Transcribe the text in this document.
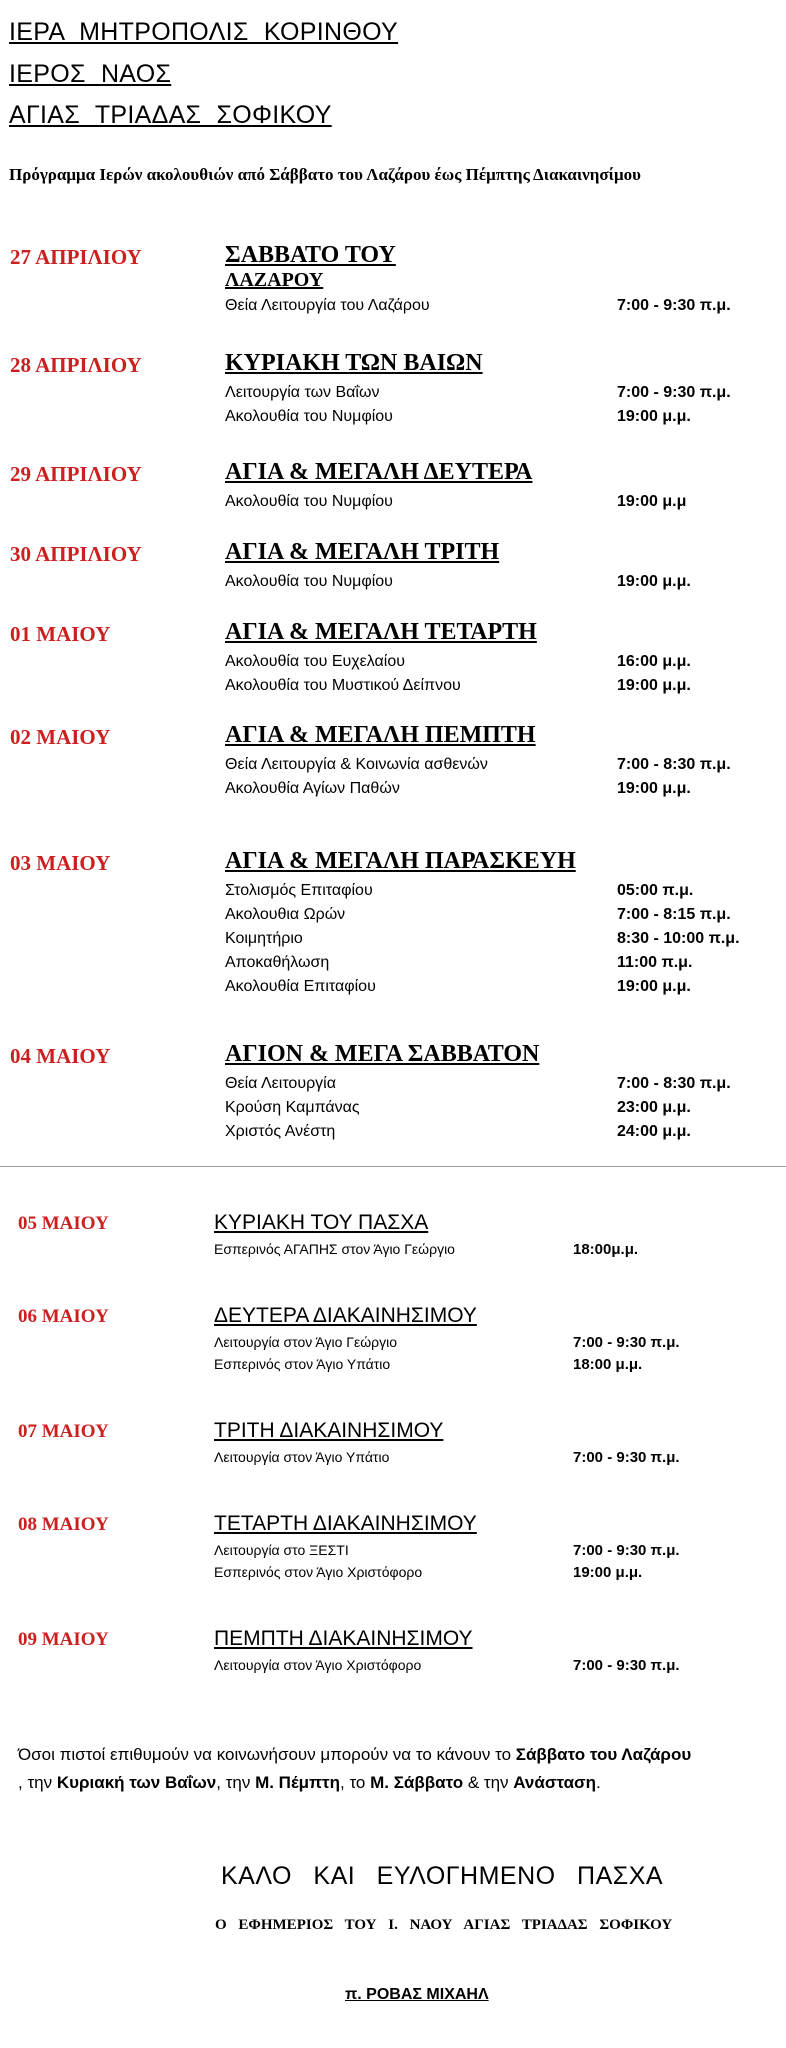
ΙΕΡΑ ΜΗΤΡΟΠΟΛΙΣ ΚΟΡΙΝΘΟΥ
ΙΕΡΟΣ ΝΑΟΣ
ΑΓΙΑΣ ΤΡΙΑΔΑΣ ΣΟΦΙΚΟΥ
Πρόγραμμα Ιερών ακολουθιών από Σάββατο του Λαζάρου έως Πέμπτης Διακαινησίμου
27 ΑΠΡΙΛΙΟΥ	ΣΑΒΒΑΤΟ ΤΟΥ
ΛΑΖΑΡΟΥ
Θεία Λειτουργία του Λαζάρου	7:00 - 9:30 π.μ.
28 ΑΠΡΙΛΙΟΥ	ΚΥΡΙΑΚΗ ΤΩΝ ΒΑΙΩΝ
Λειτουργία των Βαΐων	7:00 - 9:30 π.μ.
Ακολουθία του Νυμφίου	19:00 μ.μ.
29 ΑΠΡΙΛΙΟΥ	ΑΓΙΑ & ΜΕΓΑΛΗ ΔΕΥΤΕΡΑ
Ακολουθία του Νυμφίου	19:00 μ.μ
30 ΑΠΡΙΛΙΟΥ	ΑΓΙΑ & ΜΕΓΑΛΗ ΤΡΙΤΗ
Ακολουθία του Νυμφίου	19:00 μ.μ.
01 ΜΑΙΟΥ	ΑΓΙΑ & ΜΕΓΑΛΗ ΤΕΤΑΡΤΗ
Ακολουθία του Ευχελαίου	16:00 μ.μ.
Ακολουθία του Μυστικού Δείπνου	19:00 μ.μ.
02 ΜΑΙΟΥ	ΑΓΙΑ & ΜΕΓΑΛΗ ΠΕΜΠΤΗ
Θεία Λειτουργία & Κοινωνία ασθενών	7:00 - 8:30 π.μ.
Ακολουθία Αγίων Παθών	19:00 μ.μ.
03 ΜΑΙΟΥ	ΑΓΙΑ & ΜΕΓΑΛΗ ΠΑΡΑΣΚΕΥΗ
Στολισμός Επιταφίου	05:00 π.μ.
Ακολουθια Ωρών	7:00 - 8:15 π.μ.
Κοιμητήριο	8:30 - 10:00 π.μ.
Αποκαθήλωση	11:00 π.μ.
Ακολουθία Επιταφίου	19:00 μ.μ.
04 ΜΑΙΟΥ	ΑΓΙΟΝ & ΜΕΓΑ ΣΑΒΒΑΤΟΝ
Θεία Λειτουργία	7:00 - 8:30 π.μ.
Κρούση Καμπάνας	23:00 μ.μ.
Χριστός Ανέστη	24:00 μ.μ.
05 ΜΑΙΟΥ	ΚΥΡΙΑΚΗ ΤΟΥ ΠΑΣΧΑ
Εσπερινός ΑΓΑΠΗΣ στον Άγιο Γεώργιο	18:00μ.μ.
06 ΜΑΙΟΥ	ΔΕΥΤΕΡΑ ΔΙΑΚΑΙΝΗΣΙΜΟΥ
Λειτουργία στον Άγιο Γεώργιο	7:00 - 9:30 π.μ.
Εσπερινός στον Άγιο Υπάτιο	18:00 μ.μ.
07 ΜΑΙΟΥ	ΤΡΙΤΗ ΔΙΑΚΑΙΝΗΣΙΜΟΥ
Λειτουργία στον Άγιο Υπάτιο	7:00 - 9:30 π.μ.
08 ΜΑΙΟΥ	ΤΕΤΑΡΤΗ ΔΙΑΚΑΙΝΗΣΙΜΟΥ
Λειτουργία στο ΞΕΣΤΙ	7:00 - 9:30 π.μ.
Εσπερινός στον Άγιο Χριστόφορο	19:00 μ.μ.
09 ΜΑΙΟΥ	ΠΕΜΠΤΗ ΔΙΑΚΑΙΝΗΣΙΜΟΥ
Λειτουργία στον Άγιο Χριστόφορο	7:00 - 9:30 π.μ.
Όσοι πιστοί επιθυμούν να κοινωνήσουν μπορούν να το κάνουν το Σάββατο του Λαζάρου
, την Κυριακή των Βαΐων, την Μ. Πέμπτη, το Μ. Σάββατο & την Ανάσταση.
ΚΑΛΟ ΚΑΙ ΕΥΛΟΓΗΜΕΝΟ ΠΑΣΧΑ
Ο ΕΦΗΜΕΡΙΟΣ ΤΟΥ Ι. ΝΑΟΥ ΑΓΙΑΣ ΤΡΙΑΔΑΣ ΣΟΦΙΚΟΥ
π. ΡΟΒΑΣ ΜΙΧΑΗΛ
